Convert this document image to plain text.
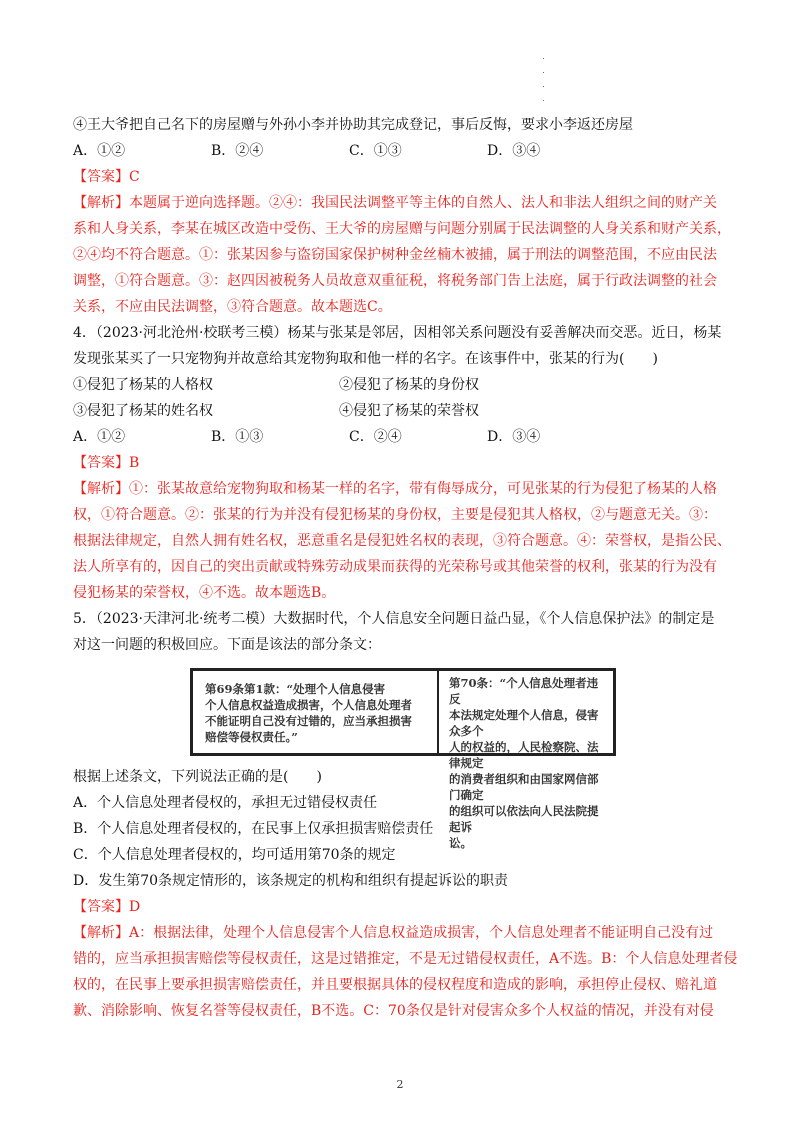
④王大爷把自己名下的房屋赠与外孙小李并协助其完成登记，事后反悔，要求小李返还房屋
A．①②	B．②④	C．①③	D．③④
【答案】C
【解析】本题属于逆向选择题。②④：我国民法调整平等主体的自然人、法人和非法人组织之间的财产关
系和人身关系，李某在城区改造中受伤、王大爷的房屋赠与问题分别属于民法调整的人身关系和财产关系，
②④均不符合题意。①：张某因参与盗窃国家保护树种金丝楠木被捕，属于刑法的调整范围，不应由民法
调整，①符合题意。③：赵四因被税务人员故意双重征税，将税务部门告上法庭，属于行政法调整的社会
关系，不应由民法调整，③符合题意。故本题选C。
4．（2023·河北沧州·校联考三模）杨某与张某是邻居，因相邻关系问题没有妥善解决而交恶。近日，杨某
发现张某买了一只宠物狗并故意给其宠物狗取和他一样的名字。在该事件中，张某的行为(　　)
①侵犯了杨某的人格权	②侵犯了杨某的身份权
③侵犯了杨某的姓名权	④侵犯了杨某的荣誉权
A．①②	B．①③	C．②④	D．③④
【答案】B
【解析】①：张某故意给宠物狗取和杨某一样的名字，带有侮辱成分，可见张某的行为侵犯了杨某的人格
权，①符合题意。②：张某的行为并没有侵犯杨某的身份权，主要是侵犯其人格权，②与题意无关。③：
根据法律规定，自然人拥有姓名权，恶意重名是侵犯姓名权的表现，③符合题意。④：荣誉权，是指公民、
法人所享有的，因自己的突出贡献或特殊劳动成果而获得的光荣称号或其他荣誉的权利，张某的行为没有
侵犯杨某的荣誉权，④不选。故本题选B。
5．（2023·天津河北·统考二模）大数据时代，个人信息安全问题日益凸显，《个人信息保护法》的制定是
对这一问题的积极回应。下面是该法的部分条文：
第69条第1款：“处理个人信息侵害
个人信息权益造成损害，个人信息处理者
不能证明自己没有过错的，应当承担损害
赔偿等侵权责任。”
第70条：“个人信息处理者违反
本法规定处理个人信息，侵害众多个
人的权益的，人民检察院、法律规定
的消费者组织和由国家网信部门确定
的组织可以依法向人民法院提起诉
讼。
根据上述条文，下列说法正确的是(　　)
A．个人信息处理者侵权的，承担无过错侵权责任
B．个人信息处理者侵权的，在民事上仅承担损害赔偿责任
C．个人信息处理者侵权的，均可适用第70条的规定
D．发生第70条规定情形的，该条规定的机构和组织有提起诉讼的职责
【答案】D
【解析】A：根据法律，处理个人信息侵害个人信息权益造成损害，个人信息处理者不能证明自己没有过
错的，应当承担损害赔偿等侵权责任，这是过错推定，不是无过错侵权责任，A不选。B：个人信息处理者侵
权的，在民事上要承担损害赔偿责任，并且要根据具体的侵权程度和造成的影响，承担停止侵权、赔礼道
歉、消除影响、恢复名誉等侵权责任，B不选。C：70条仅是针对侵害众多个人权益的情况，并没有对侵
2
